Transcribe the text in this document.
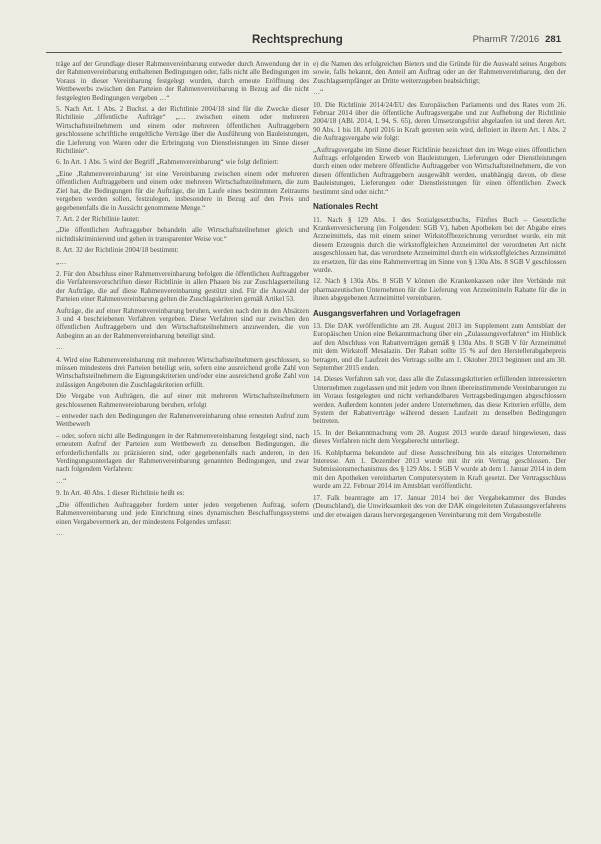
Rechtsprechung	PharmR 7/2016 281

träge auf der Grundlage dieser Rahmenvereinbarung entweder durch Anwendung der in der Rahmenvereinbarung enthaltenen Bedingungen oder, falls nicht alle Bedingungen im Voraus in dieser Vereinbarung festgelegt wurden, durch erneute Eröffnung des Wettbewerbs zwischen den Parteien der Rahmenvereinbarung in Bezug auf die nicht festgelegten Bedingungen vergeben …“

5. Nach Art. 1 Abs. 2 Buchst. a der Richtlinie 2004/18 sind für die Zwecke dieser Richtlinie „öffentliche Aufträge“ „… zwischen einem oder mehreren Wirtschaftsteilnehmern und einem oder mehreren öffentlichen Auftraggebern geschlossene schriftliche entgeltliche Verträge über die Ausführung von Bauleistungen, die Lieferung von Waren oder die Erbringung von Dienstleistungen im Sinne dieser Richtlinie“.

6. In Art. 1 Abs. 5 wird der Begriff „Rahmenvereinbarung“ wie folgt definiert:

„Eine ‚Rahmenvereinbarung‘ ist eine Vereinbarung zwischen einem oder mehreren öffentlichen Auftraggebern und einem oder mehreren Wirtschaftsteilnehmern, die zum Ziel hat, die Bedingungen für die Aufträge, die im Laufe eines bestimmten Zeitraums vergeben werden sollen, festzulegen, insbesondere in Bezug auf den Preis und gegebenenfalls die in Aussicht genommene Menge.“

7. Art. 2 der Richtlinie lautet:

„Die öffentlichen Auftraggeber behandeln alle Wirtschaftsteilnehmer gleich und nichtdiskriminierend und gehen in transparenter Weise vor.“

8. Art. 32 der Richtlinie 2004/18 bestimmt:

„…

2. Für den Abschluss einer Rahmenvereinbarung befolgen die öffentlichen Auftraggeber die Verfahrensvorschriften dieser Richtlinie in allen Phasen bis zur Zuschlagserteilung der Aufträge, die auf diese Rahmenvereinbarung gestützt sind. Für die Auswahl der Parteien einer Rahmenvereinbarung gelten die Zuschlagskriterien gemäß Artikel 53.

Aufträge, die auf einer Rahmenvereinbarung beruhen, werden nach den in den Absätzen 3 und 4 beschriebenen Verfahren vergeben. Diese Verfahren sind nur zwischen den öffentlichen Auftraggebern und den Wirtschaftsteilnehmern anzuwenden, die von Anbeginn an an der Rahmenvereinbarung beteiligt sind.

…

4. Wird eine Rahmenvereinbarung mit mehreren Wirtschaftsteilnehmern geschlossen, so müssen mindestens drei Parteien beteiligt sein, sofern eine ausreichend große Zahl von Wirtschaftsteilnehmern die Eignungskriterien und/oder eine ausreichend große Zahl von zulässigen Angeboten die Zuschlagskriterien erfüllt.

Die Vergabe von Aufträgen, die auf einer mit mehreren Wirtschaftsteilnehmern geschlossenen Rahmenvereinbarung beruhen, erfolgt

– entweder nach den Bedingungen der Rahmenvereinbarung ohne erneuten Aufruf zum Wettbewerb

– oder, sofern nicht alle Bedingungen in der Rahmenvereinbarung festgelegt sind, nach erneutem Aufruf der Parteien zum Wettbewerb zu denselben Bedingungen, die erforderlichenfalls zu präzisieren sind, oder gegebenenfalls nach anderen, in den Verdingungsunterlagen der Rahmenvereinbarung genannten Bedingungen, und zwar nach folgendem Verfahren:

…“

9. In Art. 40 Abs. 1 dieser Richtlinie heißt es:

„Die öffentlichen Auftraggeber fordern unter jeden vergebenen Auftrag, sofern Rahmenvereinbarung und jede Einrichtung eines dynamischen Beschaffungssystems einen Vergabevermerk an, der mindestens Folgendes umfasst:

…

e) die Namen des erfolgreichen Bieters und die Gründe für die Auswahl seines Angebots sowie, falls bekannt, den Anteil am Auftrag oder an der Rahmenvereinbarung, den der Zuschlagsempfänger an Dritte weiterzugeben beabsichtigt;

…“

10. Die Richtlinie 2014/24/EU des Europäischen Parlaments und des Rates vom 26. Februar 2014 über die öffentliche Auftragsvergabe und zur Aufhebung der Richtlinie 2004/18 (ABl. 2014, L 94, S. 65), deren Umsetzungsfrist abgelaufen ist und deren Art. 90 Abs. 1 bis 18. April 2016 in Kraft getreten sein wird, definiert in ihrem Art. 1 Abs. 2 die Auftragsvergabe wie folgt:

„Auftragsvergabe im Sinne dieser Richtlinie bezeichnet den im Wege eines öffentlichen Auftrags erfolgenden Erwerb von Bauleistungen, Lieferungen oder Dienstleistungen durch einen oder mehrere öffentliche Auftraggeber von Wirtschaftsteilnehmern, die von diesen öffentlichen Auftraggebern ausgewählt werden, unabhängig davon, ob diese Bauleistungen, Lieferungen oder Dienstleistungen für einen öffentlichen Zweck bestimmt sind oder nicht.“

Nationales Recht

11. Nach § 129 Abs. 1 des Sozialgesetzbuchs, Fünftes Buch – Gesetzliche Krankenversicherung (im Folgenden: SGB V), haben Apotheken bei der Abgabe eines Arzneimittels, das mit einem seiner Wirkstoffbezeichnung verordnet wurde, ein mit diesem Erzeugnis durch die wirkstoffgleichen Arzneimittel der verordneten Art nicht ausgeschlossen hat, das verordnete Arzneimittel durch ein wirkstoffgleiches Arzneimittel zu ersetzen, für das eine Rahmenvertrag im Sinne von § 130a Abs. 8 SGB V geschlossen wurde.

12. Nach § 130a Abs. 8 SGB V können die Krankenkassen oder ihre Verbände mit pharmazeutischen Unternehmen für die Lieferung von Arzneimitteln Rabatte für die in ihnen abgegebenen Arzneimittel vereinbaren.

Ausgangsverfahren und Vorlagefragen

13. Die DAK veröffentlichte am 28. August 2013 im Supplement zum Amtsblatt der Europäischen Union eine Bekanntmachung über ein „Zulassungsverfahren“ im Hinblick auf den Abschluss von Rabattverträgen gemäß § 130a Abs. 8 SGB V für Arzneimittel mit dem Wirkstoff Mesalazin. Der Rabatt sollte 15 % auf den Herstellerabgabepreis betragen, und die Laufzeit des Vertrags sollte am 1. Oktober 2013 beginnen und am 30. September 2015 enden.

14. Dieses Verfahren sah vor, dass alle die Zulassungskriterien erfüllenden interessierten Unternehmen zugelassen und mit jedem von ihnen übereinstimmende Vereinbarungen zu im Voraus festgelegten und nicht verhandelbaren Vertragsbedingungen abgeschlossen werden. Außerdem konnten jeder andere Unternehmen, das diese Kriterien erfülle, dem System der Rabattverträge während dessen Laufzeit zu denselben Bedingungen beitreten.

15. In der Bekanntmachung vom 28. August 2013 wurde darauf hingewiesen, dass dieses Verfahren nicht dem Vergaberecht unterliegt.

16. Kohlpharma bekundete auf diese Ausschreibung hin als einziges Unternehmen Interesse. Am 1. Dezember 2013 wurde mit ihr ein Vertrag geschlossen. Der Submissionsmechanismus des § 129 Abs. 1 SGB V wurde ab dem 1. Januar 2014 in dem mit den Apotheken vereinbarten Computersystem in Kraft gesetzt. Der Vertragsschluss wurde am 22. Februar 2014 im Amtsblatt veröffentlicht.

17. Falk beantragte am 17. Januar 2014 bei der Vergabekammer des Bundes (Deutschland), die Unwirksamkeit des von der DAK eingeleiteten Zulassungsverfahrens und der etwaigen daraus hervorgegangenen Vereinbarung mit dem Vergabestelle
